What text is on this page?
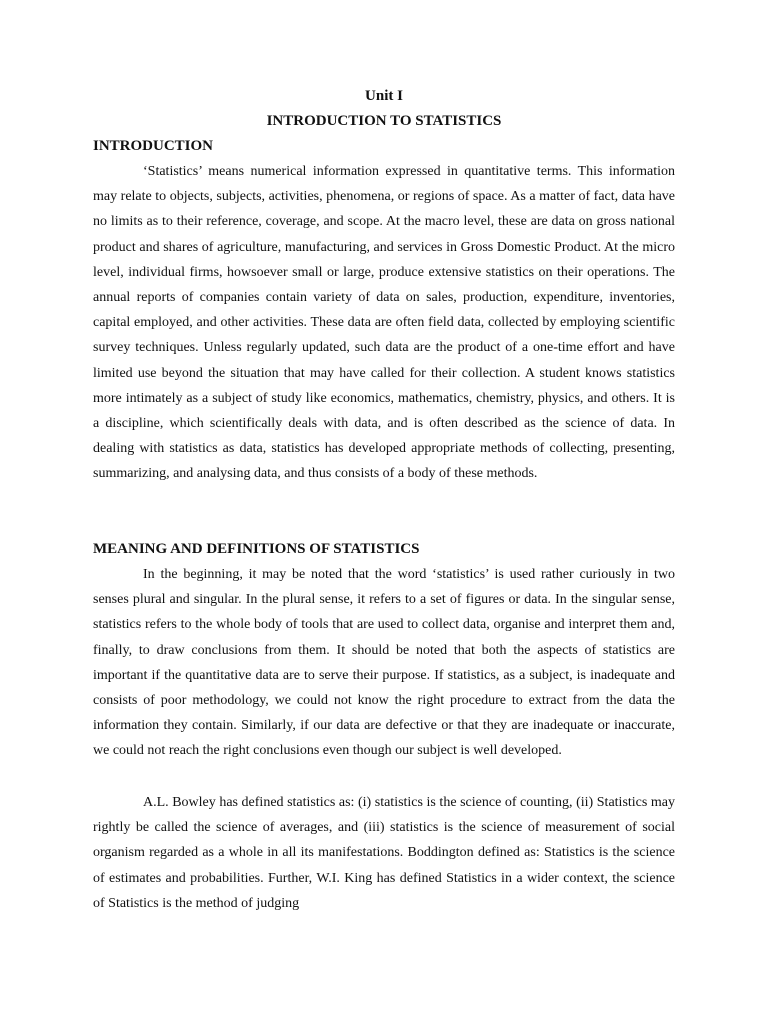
Unit I
INTRODUCTION TO STATISTICS
INTRODUCTION

‘Statistics’ means numerical information expressed in quantitative terms. This information may relate to objects, subjects, activities, phenomena, or regions of space. As a matter of fact, data have no limits as to their reference, coverage, and scope. At the macro level, these are data on gross national product and shares of agriculture, manufacturing, and services in Gross Domestic Product. At the micro level, individual firms, howsoever small or large, produce extensive statistics on their operations. The annual reports of companies contain variety of data on sales, production, expenditure, inventories, capital employed, and other activities. These data are often field data, collected by employing scientific survey techniques. Unless regularly updated, such data are the product of a one-time effort and have limited use beyond the situation that may have called for their collection. A student knows statistics more intimately as a subject of study like economics, mathematics, chemistry, physics, and others. It is a discipline, which scientifically deals with data, and is often described as the science of data. In dealing with statistics as data, statistics has developed appropriate methods of collecting, presenting, summarizing, and analysing data, and thus consists of a body of these methods.

MEANING AND DEFINITIONS OF STATISTICS

In the beginning, it may be noted that the word ‘statistics’ is used rather curiously in two senses plural and singular. In the plural sense, it refers to a set of figures or data. In the singular sense, statistics refers to the whole body of tools that are used to collect data, organise and interpret them and, finally, to draw conclusions from them. It should be noted that both the aspects of statistics are important if the quantitative data are to serve their purpose. If statistics, as a subject, is inadequate and consists of poor methodology, we could not know the right procedure to extract from the data the information they contain. Similarly, if our data are defective or that they are inadequate or inaccurate, we could not reach the right conclusions even though our subject is well developed.

A.L. Bowley has defined statistics as: (i) statistics is the science of counting, (ii) Statistics may rightly be called the science of averages, and (iii) statistics is the science of measurement of social organism regarded as a whole in all its manifestations. Boddington defined as: Statistics is the science of estimates and probabilities. Further, W.I. King has defined Statistics in a wider context, the science of Statistics is the method of judging
